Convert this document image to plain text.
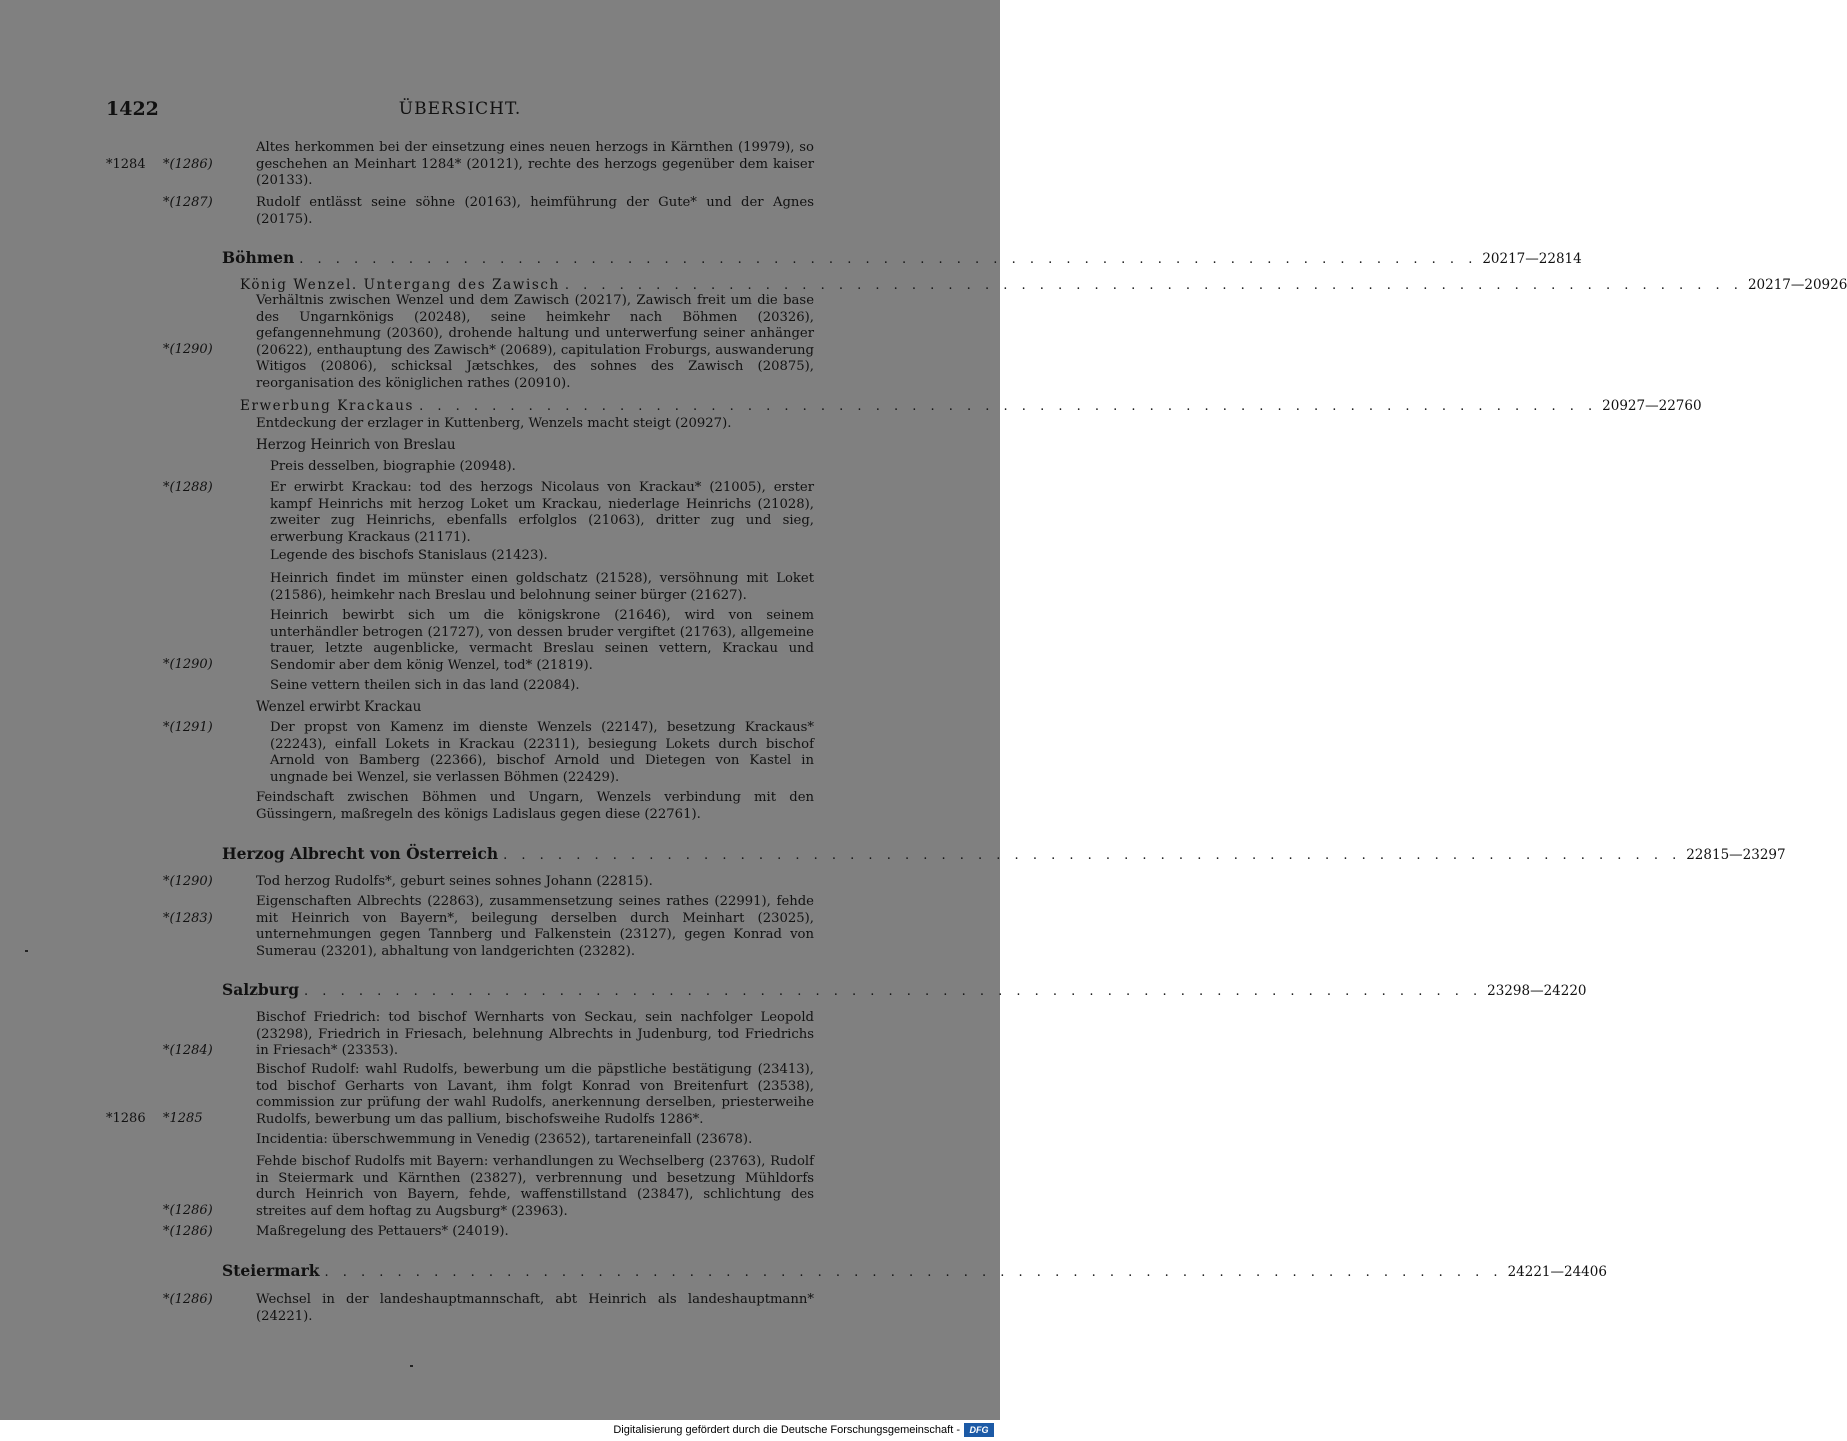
1422	ÜBERSICHT.
Altes herkommen bei der einsetzung eines neuen herzogs in Kärnthen (19979), so geschehen an Meinhart 1284* (20121), rechte des herzogs gegenüber dem kaiser (20133).
*1284 *(1286)
Rudolf entlässt seine söhne (20163), heimführung der Gute* und der Agnes (20175).
*(1287)
Böhmen . . . . . . . . . . . . . . . . . . . . . . . . . . . . . . . . . . . . . . . . . . . . . . . . . . . . . . . . . . . . . . . . . 20217—22814
König Wenzel. Untergang des Zawisch . . . . . . . . . . . . . . . . . . . . . . . . . . . . . . . . . . . . . . . . . . . . . . . . . . . . . . . . . . . . . . . . . 20217—20926
Verhältnis zwischen Wenzel und dem Zawisch (20217), Zawisch freit um die base des Ungarnkönigs (20248), seine heimkehr nach Böhmen (20326), gefangennehmung (20360), drohende haltung und unterwerfung seiner anhänger (20622), enthauptung des Zawisch* (20689), capitulation Froburgs, auswanderung Witigos (20806), schicksal Jætschkes, des sohnes des Zawisch (20875), reorganisation des königlichen rathes (20910).
*(1290)
Erwerbung Krackaus . . . . . . . . . . . . . . . . . . . . . . . . . . . . . . . . . . . . . . . . . . . . . . . . . . . . . . . . . . . . . . . . . 20927—22760
Entdeckung der erzlager in Kuttenberg, Wenzels macht steigt (20927).
Herzog Heinrich von Breslau
Preis desselben, biographie (20948).
Er erwirbt Krackau: tod des herzogs Nicolaus von Krackau* (21005), erster kampf Heinrichs mit herzog Loket um Krackau, niederlage Heinrichs (21028), zweiter zug Heinrichs, ebenfalls erfolglos (21063), dritter zug und sieg, erwerbung Krackaus (21171).
*(1288)
Legende des bischofs Stanislaus (21423).
Heinrich findet im münster einen goldschatz (21528), versöhnung mit Loket (21586), heimkehr nach Breslau und belohnung seiner bürger (21627).
Heinrich bewirbt sich um die königskrone (21646), wird von seinem unterhändler betrogen (21727), von dessen bruder vergiftet (21763), allgemeine trauer, letzte augenblicke, vermacht Breslau seinen vettern, Krackau und Sendomir aber dem könig Wenzel, tod* (21819).
*(1290)
Seine vettern theilen sich in das land (22084).
Wenzel erwirbt Krackau
Der propst von Kamenz im dienste Wenzels (22147), besetzung Krackaus* (22243), einfall Lokets in Krackau (22311), besiegung Lokets durch bischof Arnold von Bamberg (22366), bischof Arnold und Dietegen von Kastel in ungnade bei Wenzel, sie verlassen Böhmen (22429).
*(1291)
Feindschaft zwischen Böhmen und Ungarn, Wenzels verbindung mit den Güssingern, maßregeln des königs Ladislaus gegen diese (22761).
Herzog Albrecht von Österreich . . . . . . . . . . . . . . . . . . . . . . . . . . . . . . . . . . . . . . . . . . . . . . . . . . . . . . . . . . . . . . . . . 22815—23297
Tod herzog Rudolfs*, geburt seines sohnes Johann (22815).
*(1290)
Eigenschaften Albrechts (22863), zusammensetzung seines rathes (22991), fehde mit Heinrich von Bayern*, beilegung derselben durch Meinhart (23025), unternehmungen gegen Tannberg und Falkenstein (23127), gegen Konrad von Sumerau (23201), abhaltung von landgerichten (23282).
*(1283)
Salzburg . . . . . . . . . . . . . . . . . . . . . . . . . . . . . . . . . . . . . . . . . . . . . . . . . . . . . . . . . . . . . . . . . 23298—24220
Bischof Friedrich: tod bischof Wernharts von Seckau, sein nachfolger Leopold (23298), Friedrich in Friesach, belehnung Albrechts in Judenburg, tod Friedrichs in Friesach* (23353).
*(1284)
Bischof Rudolf: wahl Rudolfs, bewerbung um die päpstliche bestätigung (23413), tod bischof Gerharts von Lavant, ihm folgt Konrad von Breitenfurt (23538), commission zur prüfung der wahl Rudolfs, anerkennung derselben, priesterweihe Rudolfs, bewerbung um das pallium, bischofsweihe Rudolfs 1286*.
*1286 *1285
Incidentia: überschwemmung in Venedig (23652), tartareneinfall (23678).
Fehde bischof Rudolfs mit Bayern: verhandlungen zu Wechselberg (23763), Rudolf in Steiermark und Kärnthen (23827), verbrennung und besetzung Mühldorfs durch Heinrich von Bayern, fehde, waffenstillstand (23847), schlichtung des streites auf dem hoftag zu Augsburg* (23963).
*(1286)
Maßregelung des Pettauers* (24019).
*(1286)
Steiermark . . . . . . . . . . . . . . . . . . . . . . . . . . . . . . . . . . . . . . . . . . . . . . . . . . . . . . . . . . . . . . . . . 24221—24406
Wechsel in der landeshauptmannschaft, abt Heinrich als landeshauptmann* (24221).
*(1286)
Digitalisierung gefördert durch die Deutsche Forschungsgemeinschaft -	DFG
